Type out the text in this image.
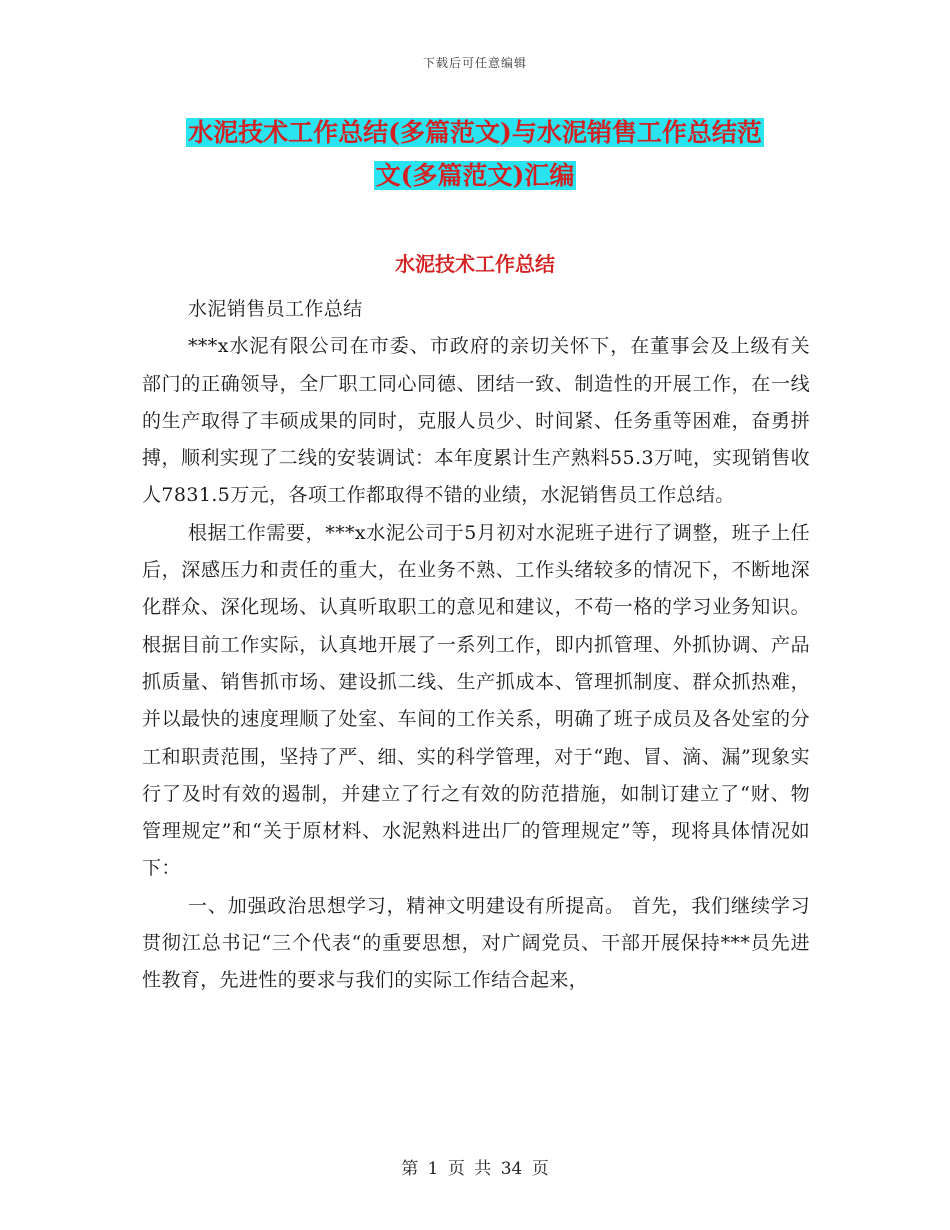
下载后可任意编辑
水泥技术工作总结(多篇范文)与水泥销售工作总结范
文(多篇范文)汇编
水泥技术工作总结

水泥销售员工作总结

***x水泥有限公司在市委、市政府的亲切关怀下，在董事会及上级有关部门的正确领导，全厂职工同心同德、团结一致、制造性的开展工作，在一线的生产取得了丰硕成果的同时，克服人员少、时间紧、任务重等困难，奋勇拼搏，顺利实现了二线的安装调试：本年度累计生产熟料55.3万吨，实现销售收人7831.5万元，各项工作都取得不错的业绩，水泥销售员工作总结。

根据工作需要，***x水泥公司于5月初对水泥班子进行了调整，班子上任后，深感压力和责任的重大，在业务不熟、工作头绪较多的情况下，不断地深化群众、深化现场、认真听取职工的意见和建议，不苟一格的学习业务知识。根据目前工作实际，认真地开展了一系列工作，即内抓管理、外抓协调、产品抓质量、销售抓市场、建设抓二线、生产抓成本、管理抓制度、群众抓热难，并以最快的速度理顺了处室、车间的工作关系，明确了班子成员及各处室的分工和职责范围，坚持了严、细、实的科学管理，对于“跑、冒、滴、漏”现象实行了及时有效的遏制，并建立了行之有效的防范措施，如制订建立了“财、物管理规定”和“关于原材料、水泥熟料进出厂的管理规定”等，现将具体情况如下：

一、加强政治思想学习，精神文明建设有所提高。 首先，我们继续学习贯彻江总书记“三个代表“的重要思想，对广阔党员、干部开展保持***员先进性教育，先进性的要求与我们的实际工作结合起来，

第 1 页 共 34 页
